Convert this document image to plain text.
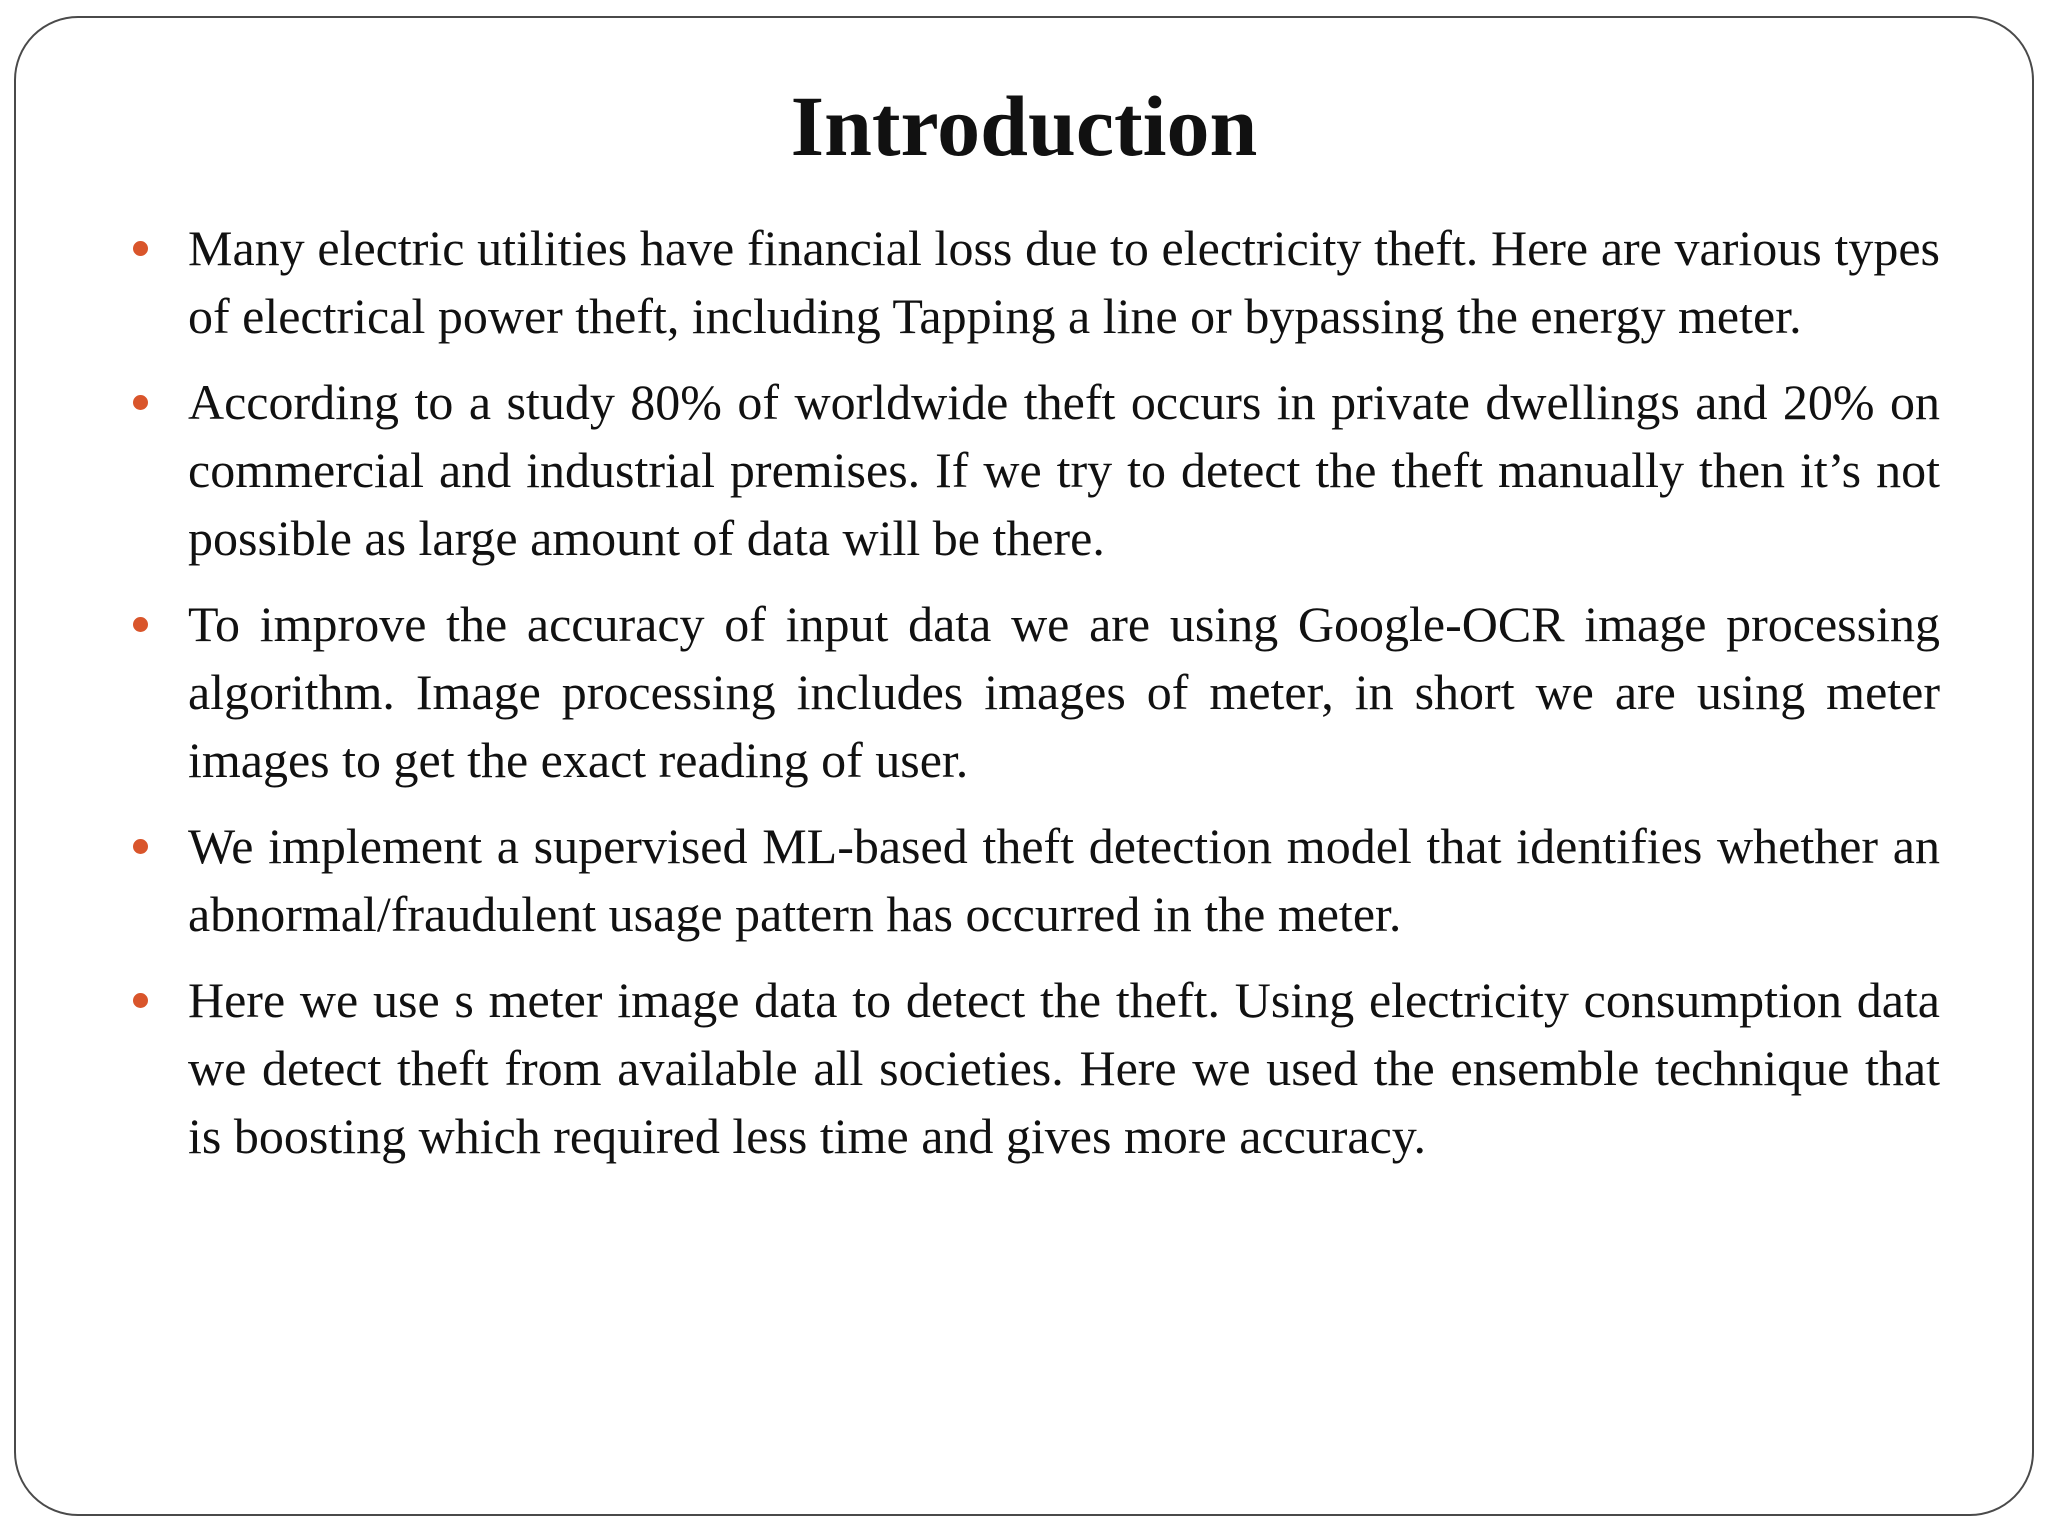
Introduction
Many electric utilities have financial loss due to electricity theft. Here are various types of electrical power theft, including Tapping a line or bypassing the energy meter.
According to a study 80% of worldwide theft occurs in private dwellings and 20% on commercial and industrial premises. If we try to detect the theft manually then it’s not possible as large amount of data will be there.
To improve the accuracy of input data we are using Google-OCR image processing algorithm. Image processing includes images of meter, in short we are using meter images to get the exact reading of user.
We implement a supervised ML-based theft detection model that identifies whether an abnormal/fraudulent usage pattern has occurred in the meter.
Here we use s meter image data to detect the theft. Using electricity consumption data we detect theft from available all societies. Here we used the ensemble technique that is boosting which required less time and gives more accuracy.
